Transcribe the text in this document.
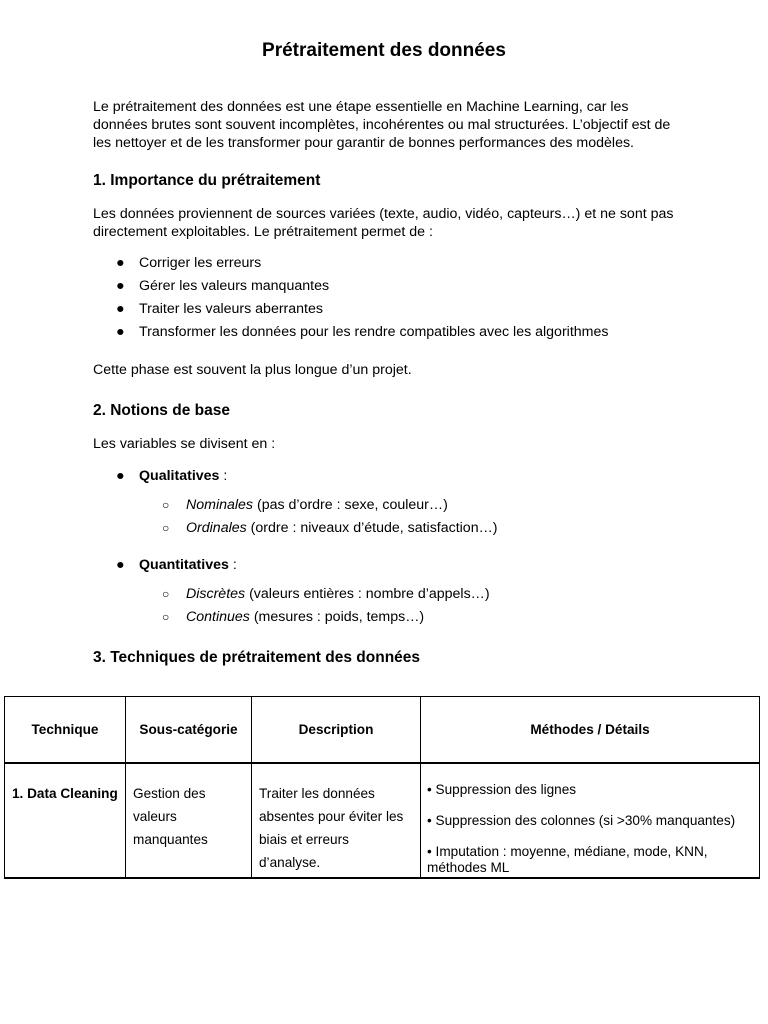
Prétraitement des données

Le prétraitement des données est une étape essentielle en Machine Learning, car les données brutes sont souvent incomplètes, incohérentes ou mal structurées. L’objectif est de les nettoyer et de les transformer pour garantir de bonnes performances des modèles.

1. Importance du prétraitement

Les données proviennent de sources variées (texte, audio, vidéo, capteurs…) et ne sont pas directement exploitables. Le prétraitement permet de :

● Corriger les erreurs
● Gérer les valeurs manquantes
● Traiter les valeurs aberrantes
● Transformer les données pour les rendre compatibles avec les algorithmes

Cette phase est souvent la plus longue d’un projet.

2. Notions de base

Les variables se divisent en :

● Qualitatives :
○ Nominales (pas d’ordre : sexe, couleur…)
○ Ordinales (ordre : niveaux d’étude, satisfaction…)
● Quantitatives :
○ Discrètes (valeurs entières : nombre d’appels…)
○ Continues (mesures : poids, temps…)
3. Techniques de prétraitement des données
Technique	Sous-catégorie	Description	Méthodes / Détails
1. Data Cleaning	Gestion des valeurs manquantes	Traiter les données absentes pour éviter les biais et erreurs d’analyse.	• Suppression des lignes
• Suppression des colonnes (si >30% manquantes)
• Imputation : moyenne, médiane, mode, KNN, méthodes ML
